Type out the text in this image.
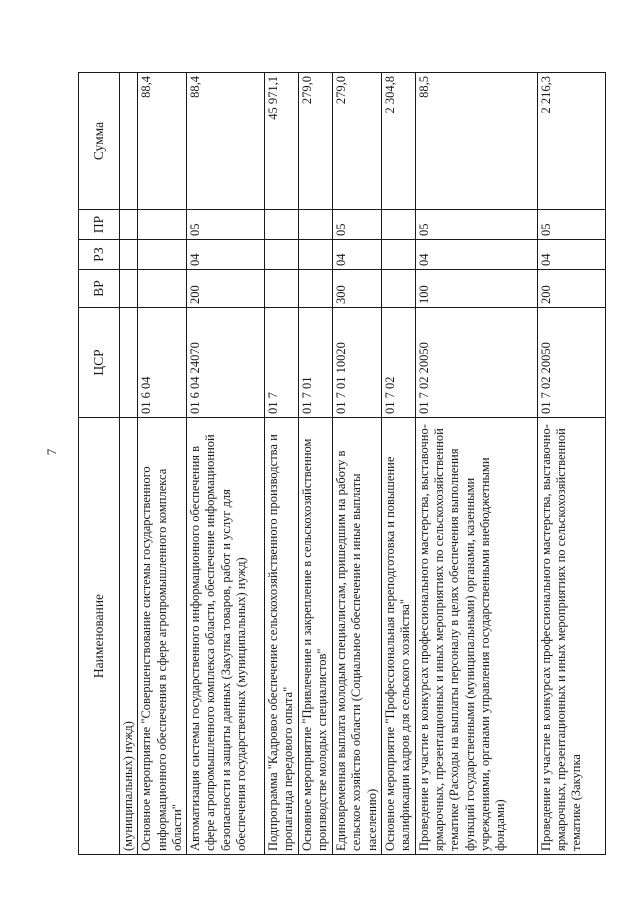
7
Наименование	ЦСР	ВР	РЗ	ПР	Сумма
(муниципальных) нужд)					
Основное мероприятие "Совершенствование системы государственного информационного обеспечения в сфере агропромышленного комплекса области"	01 6 04				88,4
Автоматизация системы государственного информационного обеспечения в сфере агропромышленного комплекса области, обеспечение информационной безопасности и защиты данных (Закупка товаров, работ и услуг для обеспечения государственных (муниципальных) нужд)	01 6 04 24070	200	04	05	88,4
Подпрограмма "Кадровое обеспечение сельскохозяйственного производства и пропаганда передового опыта"	01 7				45 971,1
Основное мероприятие "Привлечение и закрепление в сельскохозяйственном производстве молодых специалистов"	01 7 01				279,0
Единовременная выплата молодым специалистам, пришедшим на работу в сельское хозяйство области (Социальное обеспечение и иные выплаты населению)	01 7 01 10020	300	04	05	279,0
Основное мероприятие "Профессиональная переподготовка и повышение квалификации кадров для сельского хозяйства"	01 7 02				2 304,8
Проведение и участие в конкурсах профессионального мастерства, выставочно-ярмарочных, презентационных и иных мероприятиях по сельскохозяйственной тематике (Расходы на выплаты персоналу в целях обеспечения выполнения функций государственными (муниципальными) органами, казенными учреждениями, органами управления государственными внебюджетными фондами)	01 7 02 20050	100	04	05	88,5
Проведение и участие в конкурсах профессионального мастерства, выставочно-ярмарочных, презентационных и иных мероприятиях по сельскохозяйственной тематике (Закупка	01 7 02 20050	200	04	05	2 216,3
